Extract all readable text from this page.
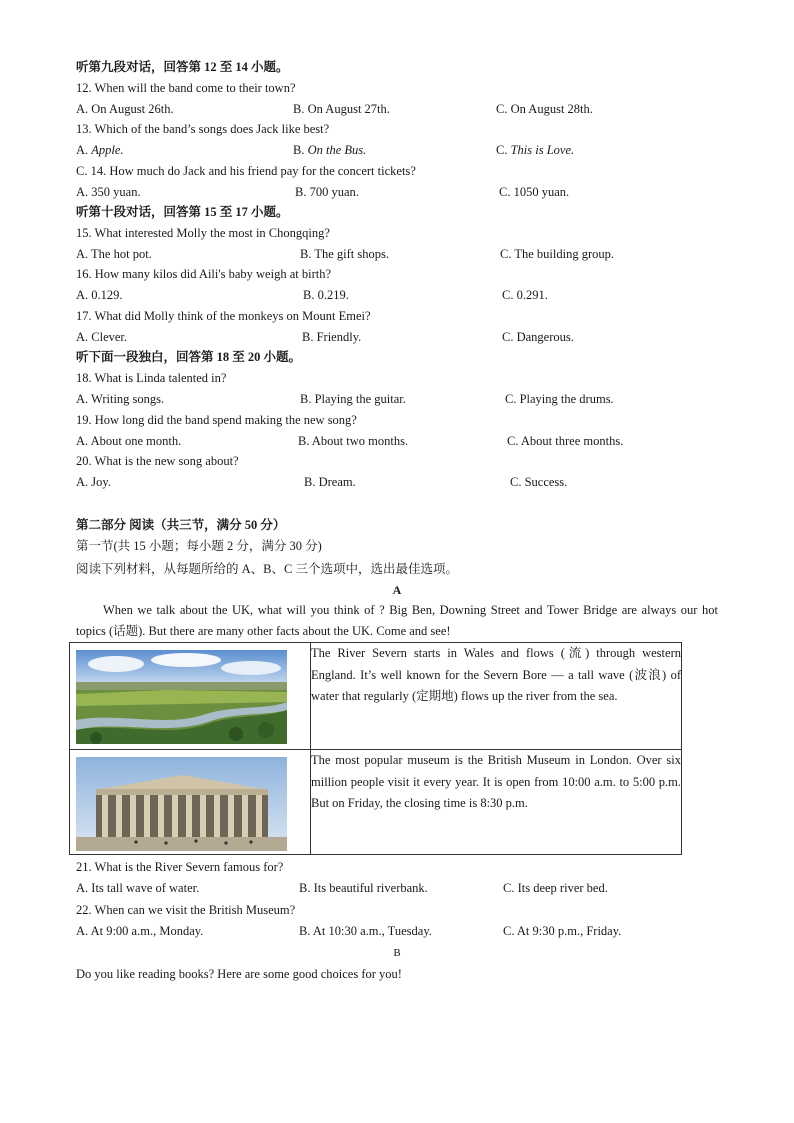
听第九段对话，回答第 12 至 14 小题。
12. When will the band come to their town?
A. On August 26th.	B. On August 27th.	C. On August 28th.
13. Which of the band’s songs does Jack like best?
A. Apple.	B. On the Bus.	C. This is Love.
C. 14. How much do Jack and his friend pay for the concert tickets?
A. 350 yuan.	B. 700 yuan.	C. 1050 yuan.
听第十段对话，回答第 15 至 17 小题。
15. What interested Molly the most in Chongqing?
A. The hot pot.	B. The gift shops.	C. The building group.
16. How many kilos did Aili's baby weigh at birth?
A. 0.129.	B. 0.219.	C. 0.291.
17. What did Molly think of the monkeys on Mount Emei?
A. Clever.	B. Friendly.	C. Dangerous.
听下面一段独白，回答第 18 至 20 小题。
18. What is Linda talented in?
A. Writing songs.	B. Playing the guitar.	C. Playing the drums.
19. How long did the band spend making the new song?
A. About one month.	B. About two months.	C. About three months.
20. What is the new song about?
A. Joy.	B. Dream.	C. Success.
第二部分 阅读（共三节，满分 50 分）
第一节(共 15 小题；每小题 2 分，满分 30 分)
阅读下列材料，从每题所给的 A、B、C 三个选项中，选出最佳选项。
A
When we talk about the UK, what will you think of ? Big Ben, Downing Street and Tower Bridge are always our hot topics (话题). But there are many other facts about the UK. Come and see!
	The River Severn starts in Wales and flows (流) through western England. It’s well known for the Severn Bore — a tall wave (波浪) of water that regularly (定期地) flows up the river from the sea.

	The most popular museum is the British Museum in London. Over six million people visit it every year. It is open from 10:00 a.m. to 5:00 p.m. But on Friday, the closing time is 8:30 p.m.
21. What is the River Severn famous for?
A. Its tall wave of water.	B. Its beautiful riverbank.	C. Its deep river bed.
22. When can we visit the British Museum?
A. At 9:00 a.m., Monday.	B. At 10:30 a.m., Tuesday.	C. At 9:30 p.m., Friday.
B
Do you like reading books? Here are some good choices for you!
